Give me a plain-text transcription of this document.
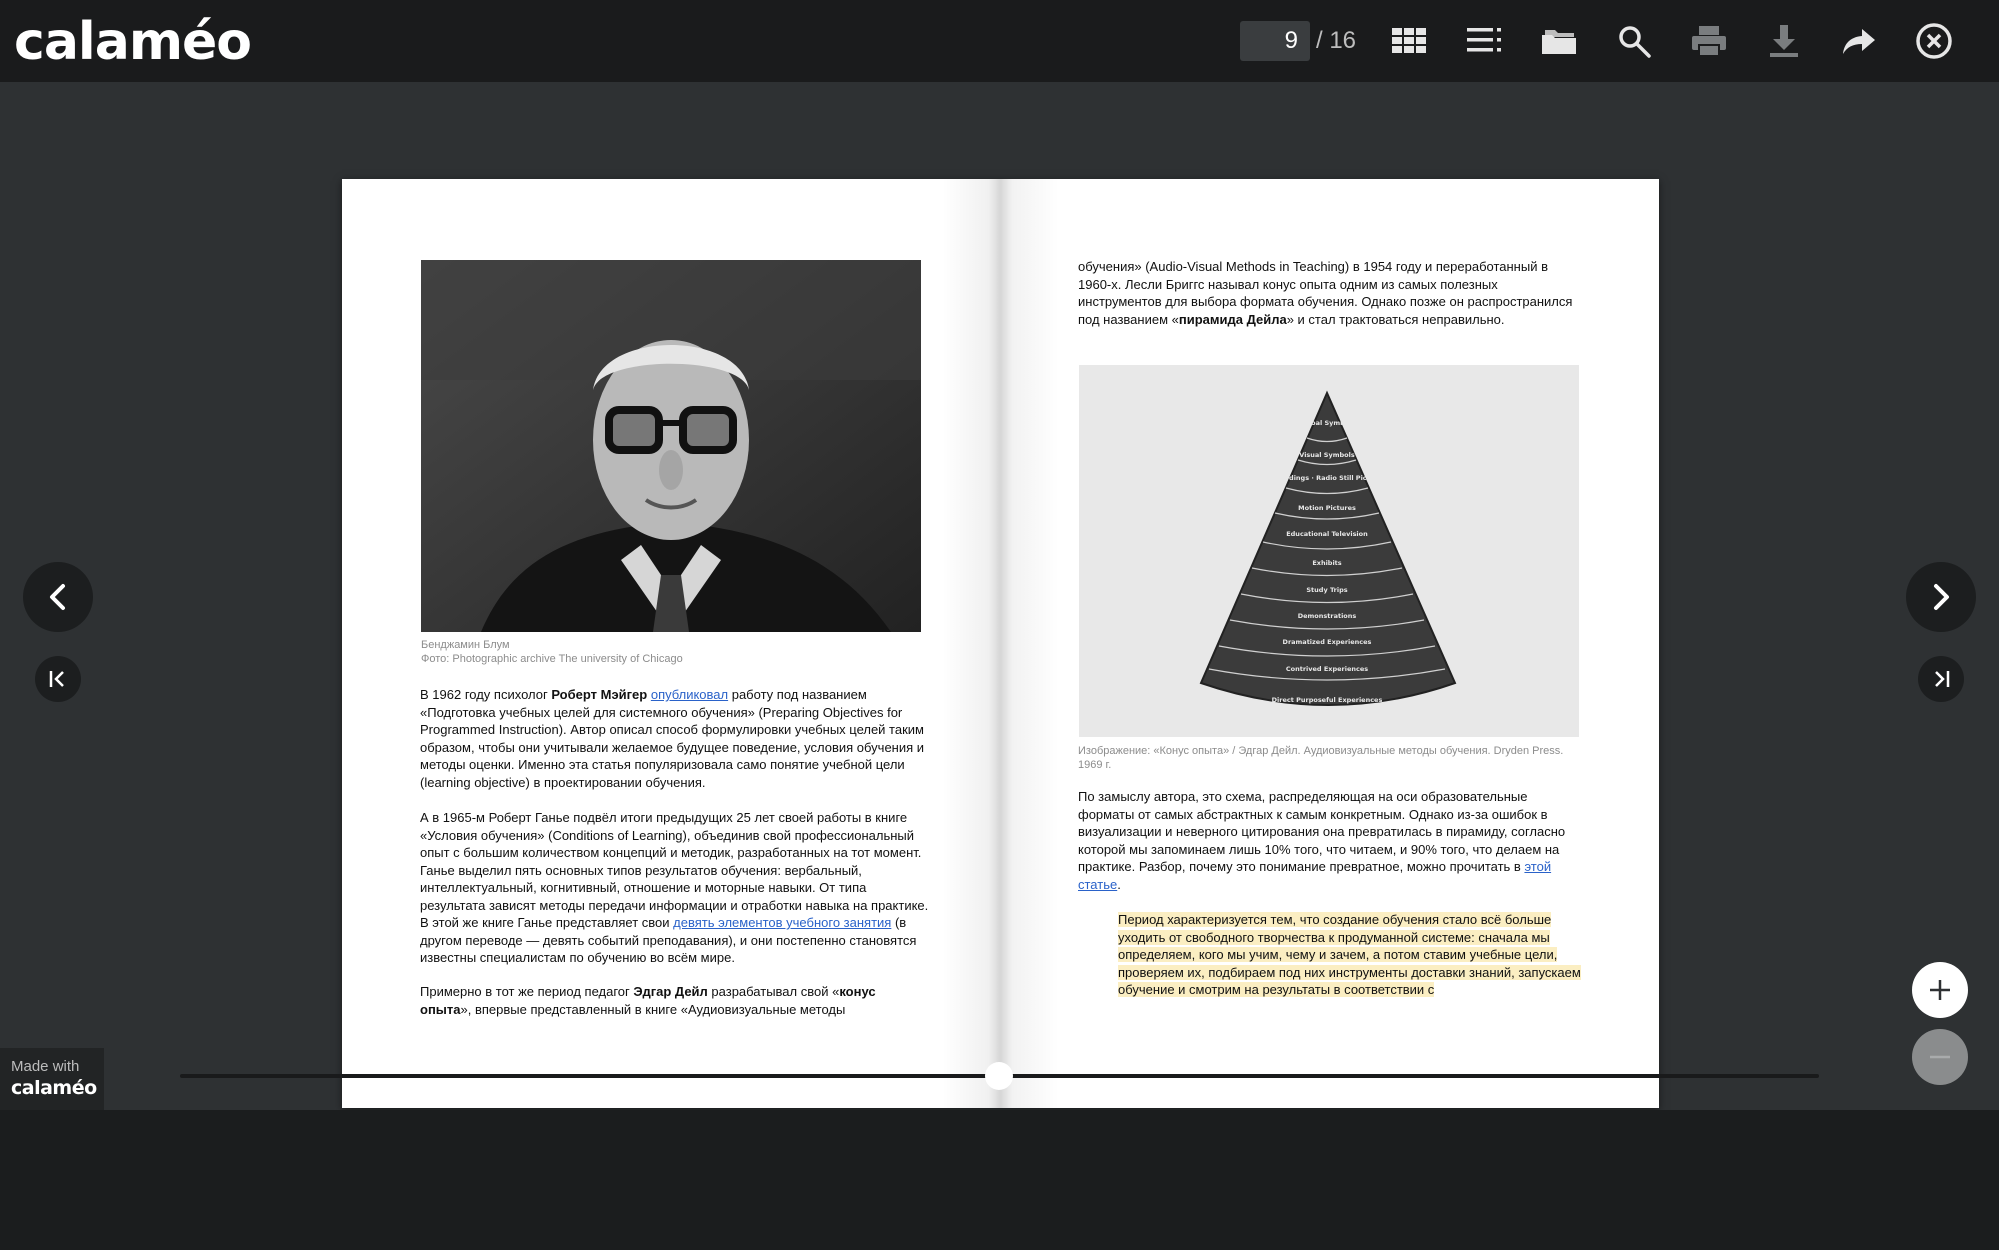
calaméo	9 / 16
Бенджамин Блум
Фото: Photographic archive The university of Chicago
В 1962 году психолог Роберт Мэйгер опубликовал работу под названием «Подготовка учебных целей для системного обучения» (Preparing Objectives for Programmed Instruction). Автор описал способ формулировки учебных целей таким образом, чтобы они учитывали желаемое будущее поведение, условия обучения и методы оценки. Именно эта статья популяризовала само понятие учебной цели (learning objective) в проектировании обучения.
А в 1965-м Роберт Ганье подвёл итоги предыдущих 25 лет своей работы в книге «Условия обучения» (Conditions of Learning), объединив свой профессиональный опыт с большим количеством концепций и методик, разработанных на тот момент. Ганье выделил пять основных типов результатов обучения: вербальный, интеллектуальный, когнитивный, отношение и моторные навыки. От типа результата зависят методы передачи информации и отработки навыка на практике. В этой же книге Ганье представляет свои девять элементов учебного занятия (в другом переводе — девять событий преподавания), и они постепенно становятся известны специалистам по обучению во всём мире.
Примерно в тот же период педагог Эдгар Дейл разрабатывал свой «конус опыта», впервые представленный в книге «Аудиовизуальные методы
обучения» (Audio-Visual Methods in Teaching) в 1954 году и переработанный в 1960-х. Лесли Бриггс называл конус опыта одним из самых полезных инструментов для выбора формата обучения. Однако позже он распространился под названием «пирамида Дейла» и стал трактоваться неправильно.
Verbal Symbols
Visual Symbols
Recordings · Radio Still Pictures
Motion Pictures
Educational Television
Exhibits
Study Trips
Demonstrations
Dramatized Experiences
Contrived Experiences
Direct Purposeful Experiences
Изображение: «Конус опыта» / Эдгар Дейл. Аудиовизуальные методы обучения. Dryden Press. 1969 г.
По замыслу автора, это схема, распределяющая на оси образовательные форматы от самых абстрактных к самым конкретным. Однако из-за ошибок в визуализации и неверного цитирования она превратилась в пирамиду, согласно которой мы запоминаем лишь 10% того, что читаем, и 90% того, что делаем на практике. Разбор, почему это понимание превратное, можно прочитать в этой статье.
Период характеризуется тем, что создание обучения стало всё больше уходить от свободного творчества к продуманной системе: сначала мы определяем, кого мы учим, чему и зачем, а потом ставим учебные цели, проверяем их, подбираем под них инструменты доставки знаний, запускаем обучение и смотрим на результаты в соответствии с
Made with
calaméo
